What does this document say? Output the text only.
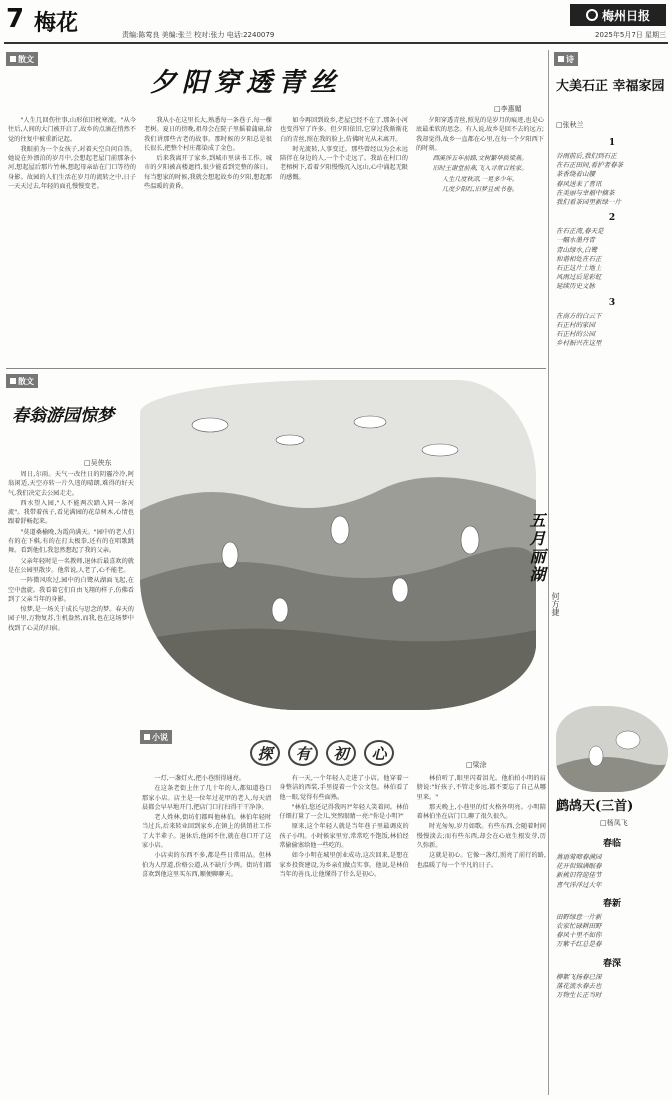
7 梅花	责编:陈莺良 美编:张兰 校对:张力 电话:2240079
梅州日报
2025年5月7日 星期三
散文
夕阳穿透青丝
□李惠媚

"人生几回伤往事,山形依旧枕寒流。"从今往后,人间的大门被开启了,故乡的点滴在悄然不觉的往复中被重新记起。

我眼前为一个女孩子,对着天空自问自答。她说在外漂泊的岁月中,会想起老屋门前那条小河,想起屋后那片竹林,想起母亲站在门口等待的身影。故园的人们生活在岁月的流转之中,日子一天天过去,年轻的面孔慢慢变老。

我从小在这里长大,熟悉每一条巷子,每一棵老树。夏日的傍晚,祖母会在院子里摇着蒲扇,给我们讲那些古老的故事。那时候的夕阳总是很长很长,把整个村庄都染成了金色。

后来我离开了家乡,到城市里读书工作。城市的夕阳被高楼遮挡,很少能看到完整的落日。每当想家的时候,我就会想起故乡的夕阳,想起那些温暖的黄昏。

如今再回到故乡,老屋已经不在了,那条小河也变得窄了许多。但夕阳依旧,它穿过我渐渐花白的青丝,照在我的脸上,仿佛时光从未离开。

时光流转,人事变迁。那些曾经以为会永远陪伴在身边的人,一个个走远了。我站在村口的老榕树下,看着夕阳慢慢沉入远山,心中涌起无限的感慨。

夕阳穿透青丝,照见的是岁月的痕迹,也是心底最柔软的思念。有人说,故乡是回不去的远方;我却觉得,故乡一直都在心里,在每一个夕阳西下的时刻。

西溪涉五年前路,文树繁华换梁燕。

旧时王谢堂前燕,飞入寻常百姓家。

人生几度秋凉,一晃多少年。

几度夕阳红,旧梦且成书卷。

散文
春翁游园惊梦
□吴侠东

周日,尔雨。天气一改往日的阴霾冷冷,阿翁闲适,天空亦转一片久违的晴朗,难得的好天气,我们决定去公园走走。

西水望入园,"人不能两次踏入同一条河流"。我带着孩子,看见满园的花草树木,心情也跟着舒畅起来。

"莫道桑榆晚,为霞尚满天。"园中的老人们有的在下棋,有的在打太极拳,还有的在唱歌跳舞。看到他们,我忽然想起了我的父亲。

父亲年轻时是一名教师,退休后最喜欢的就是在公园里散步。他常说,人老了,心不能老。

一阵微风吹过,园中的白鹭从湖面飞起,在空中盘旋。我看着它们自由飞翔的样子,仿佛看到了父亲当年的身影。

惊梦,是一场关于成长与思念的梦。春天的园子里,万物复苏,生机盎然,而我,也在这场梦中找到了心灵的归宿。

五月丽湖
何方捷
小说
探	有	初	心
□梁涂

一灯,一盏灯火,把小巷照得通亮。

在这条老街上住了几十年的人,都知道巷口那家小店。店主是一位年过花甲的老人,每天清晨都会早早地开门,把店门口打扫得干干净净。

老人姓林,街坊们都叫他林伯。林伯年轻时当过兵,后来转业回到家乡,在镇上的供销社工作了大半辈子。退休后,他闲不住,就在巷口开了这家小店。

小店卖的东西不多,都是些日常用品。但林伯为人厚道,价格公道,从不缺斤少两。街坊们都喜欢到他这里买东西,顺便聊聊天。

有一天,一个年轻人走进了小店。他穿着一身整洁的西装,手里提着一个公文包。林伯看了他一眼,觉得有些面熟。

"林伯,您还记得我吗?"年轻人笑着问。林伯仔细打量了一会儿,突然眼睛一亮:"你是小明?"

原来,这个年轻人就是当年巷子里最调皮的孩子小明。小时候家里穷,常常吃不饱饭,林伯经常偷偷塞给他一些吃的。

如今小明在城里创业成功,这次回来,是想在家乡投资建设,为乡亲们做点实事。他说,是林伯当年的善良,让他懂得了什么是初心。

林伯听了,眼里闪着泪光。他拍拍小明的肩膀说:"好孩子,不管走多远,都不要忘了自己从哪里来。"

那天晚上,小巷里的灯火格外明亮。小明陪着林伯坐在店门口,聊了很久很久。

时光匆匆,岁月如歌。有些东西,会随着时间慢慢淡去;而有些东西,却会在心底生根发芽,历久弥新。

这就是初心。它像一盏灯,照亮了前行的路,也温暖了每一个平凡的日子。

诗
大美石正 幸福家园
□张秋兰
1
谷雨前后,我们到石正
在石正田间,看护者春茶
茶香绕着山腰
春风送来了喜讯
在美丽与幸福中摘茶
我们看茶园里新绿一片
2
在石正湾,春天是
一幅水墨丹青
青山绿水,白鹭
和谐相处在石正
石正这片土地上
风雨过后见彩虹
延续历史文脉
3
在南方的白云下
石正村的家园
石正村的公园
乡村振兴在这里
鹧鸪天(三首)
□杨凤飞
春临
燕语莺啼春满园
花开似锦满眼春
新桃旧符迎佳节
喜气洋洋过大年
春新
田野绿意一片新
农家忙碌耕田野
春风十里不如你
万紫千红总是春
春深
柳絮飞扬春已深
落花流水春去也
万物生长正当时
